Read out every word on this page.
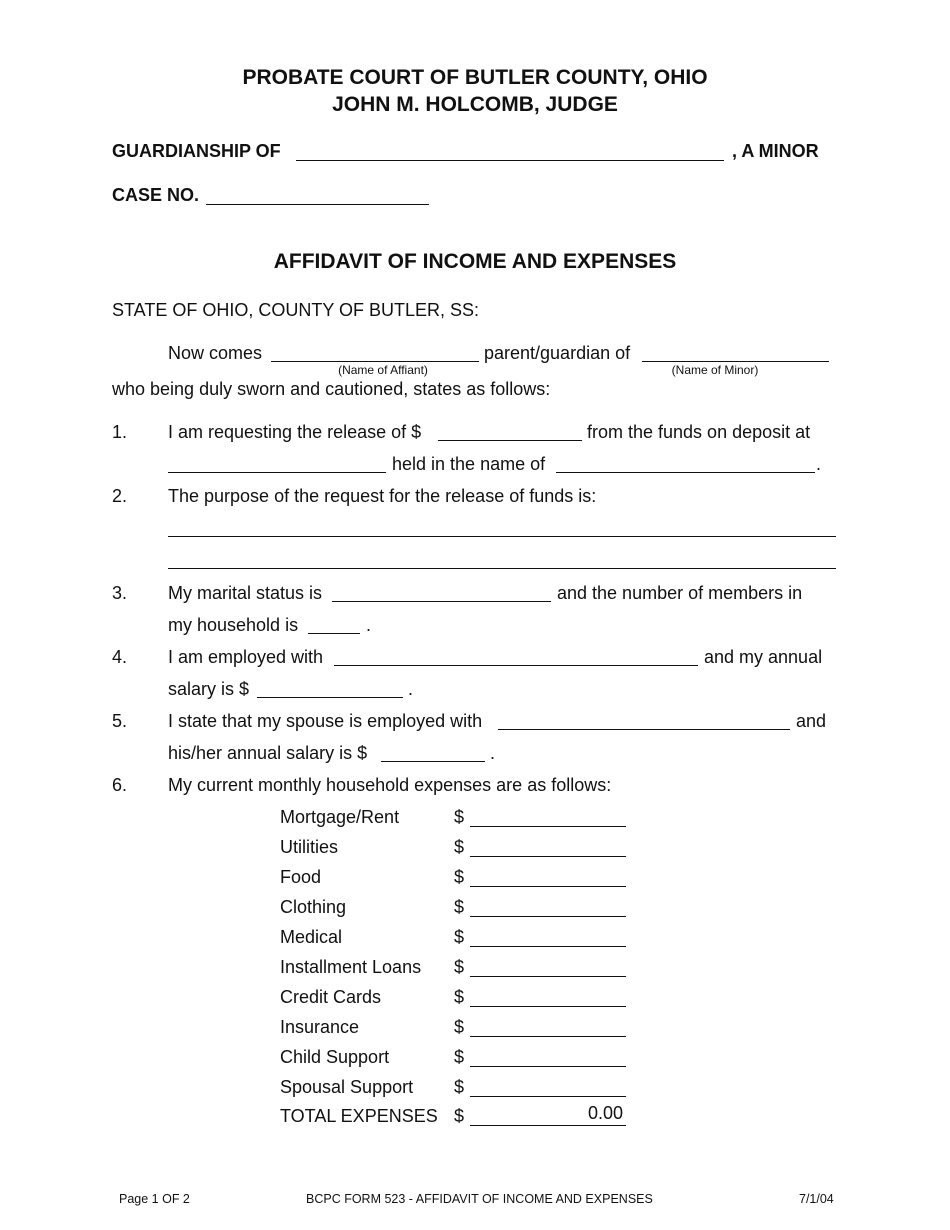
PROBATE COURT OF BUTLER COUNTY, OHIO
JOHN M. HOLCOMB, JUDGE
GUARDIANSHIP OF	, A MINOR
CASE NO.
AFFIDAVIT OF INCOME AND EXPENSES
STATE OF OHIO, COUNTY OF BUTLER, SS:
Now comes
(Name of Affiant)
parent/guardian of
(Name of Minor)
who being duly sworn and cautioned, states as follows:
1. I am requesting the release of $	from the funds on deposit at
held in the name of	.
2. The purpose of the request for the release of funds is:
3. My marital status is	and the number of members in
my household is	.
4. I am employed with	and my annual
salary is $	.
5. I state that my spouse is employed with	and
his/her annual salary is $	.
6. My current monthly household expenses are as follows:
Mortgage/Rent	$
Utilities	$
Food	$
Clothing	$
Medical	$
Installment Loans $
Credit Cards	$
Insurance	$
Child Support	$
Spousal Support $
TOTAL EXPENSES $	0.00
Page 1 OF 2	BCPC FORM 523 - AFFIDAVIT OF INCOME AND EXPENSES	7/1/04
